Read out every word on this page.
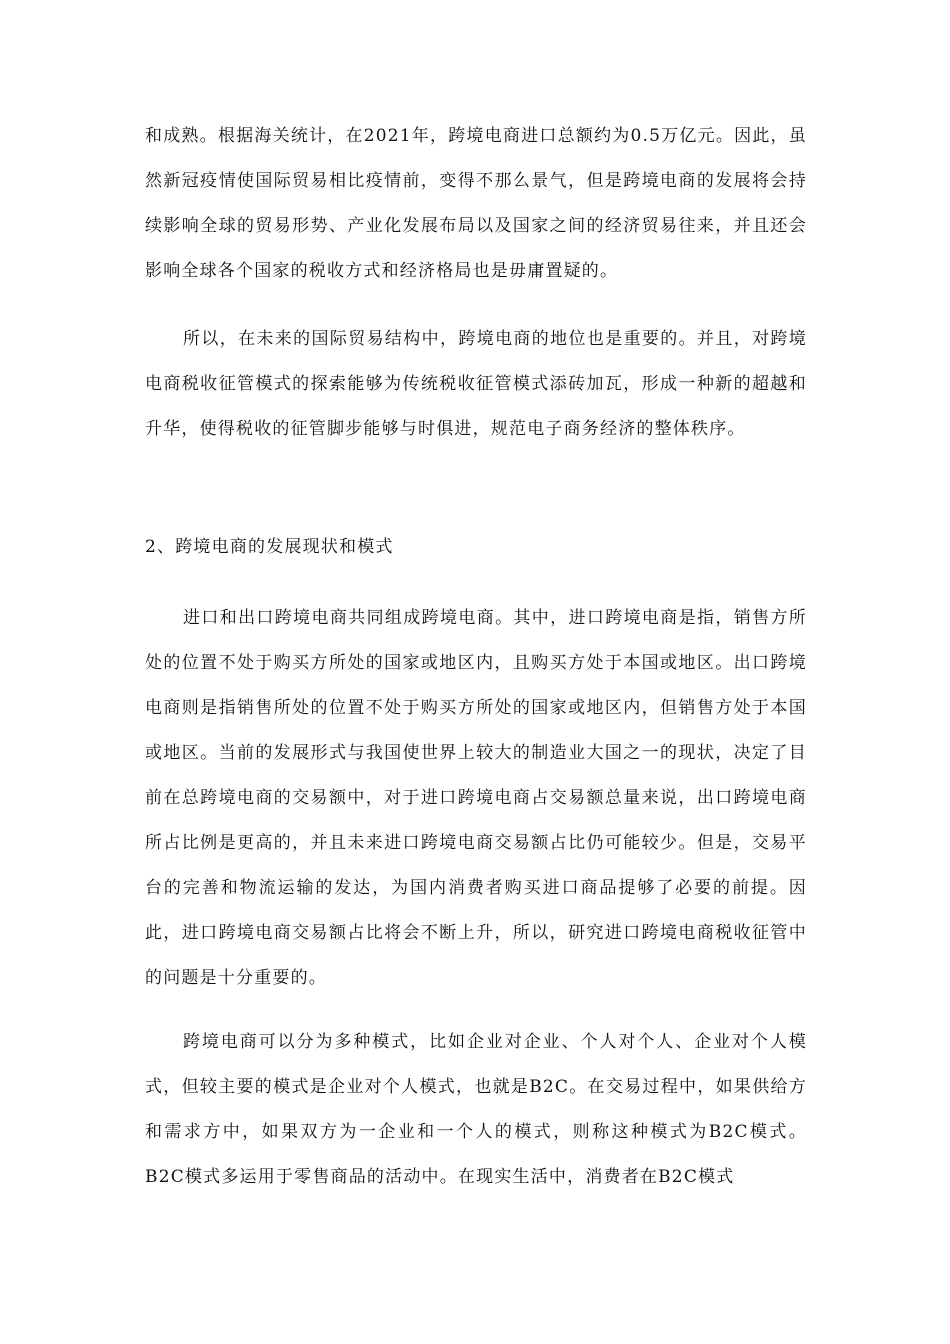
和成熟。根据海关统计，在2021年，跨境电商进口总额约为0.5万亿元。因此，虽然新冠疫情使国际贸易相比疫情前，变得不那么景气，但是跨境电商的发展将会持续影响全球的贸易形势、产业化发展布局以及国家之间的经济贸易往来，并且还会影响全球各个国家的税收方式和经济格局也是毋庸置疑的。

所以，在未来的国际贸易结构中，跨境电商的地位也是重要的。并且，对跨境电商税收征管模式的探索能够为传统税收征管模式添砖加瓦，形成一种新的超越和升华，使得税收的征管脚步能够与时俱进，规范电子商务经济的整体秩序。

2、跨境电商的发展现状和模式

进口和出口跨境电商共同组成跨境电商。其中，进口跨境电商是指，销售方所处的位置不处于购买方所处的国家或地区内，且购买方处于本国或地区。出口跨境电商则是指销售所处的位置不处于购买方所处的国家或地区内，但销售方处于本国或地区。当前的发展形式与我国使世界上较大的制造业大国之一的现状，决定了目前在总跨境电商的交易额中，对于进口跨境电商占交易额总量来说，出口跨境电商所占比例是更高的，并且未来进口跨境电商交易额占比仍可能较少。但是，交易平台的完善和物流运输的发达，为国内消费者购买进口商品提够了必要的前提。因此，进口跨境电商交易额占比将会不断上升，所以，研究进口跨境电商税收征管中的问题是十分重要的。

跨境电商可以分为多种模式，比如企业对企业、个人对个人、企业对个人模式，但较主要的模式是企业对个人模式，也就是B2C。在交易过程中，如果供给方和需求方中，如果双方为一企业和一个人的模式，则称这种模式为B2C模式。B2C模式多运用于零售商品的活动中。在现实生活中，消费者在B2C模式
